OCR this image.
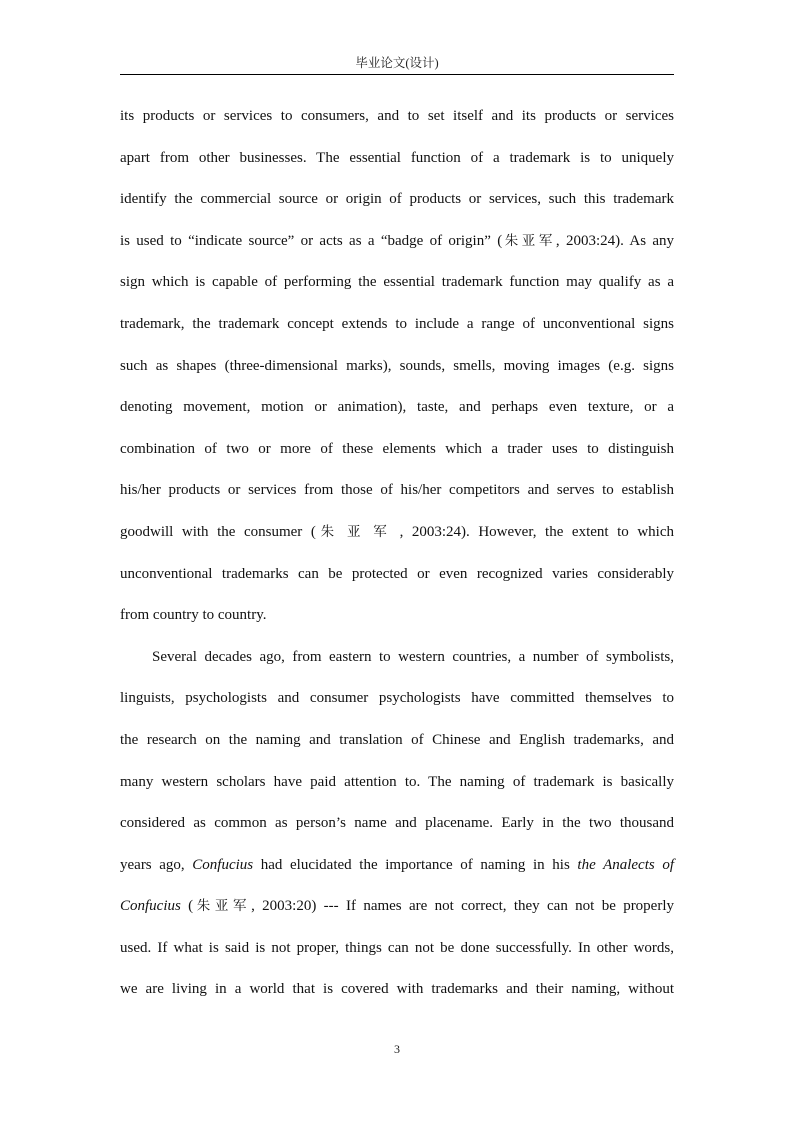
毕业论文(设计)
its products or services to consumers, and to set itself and its products or services
apart from other businesses. The essential function of a trademark is to uniquely
identify the commercial source or origin of products or services, such this trademark
is used to “indicate source” or acts as a “badge of origin” (朱亚军, 2003:24). As any
sign which is capable of performing the essential trademark function may qualify as a
trademark, the trademark concept extends to include a range of unconventional signs
such as shapes (three-dimensional marks), sounds, smells, moving images (e.g. signs
denoting movement, motion or animation), taste, and perhaps even texture, or a
combination of two or more of these elements which a trader uses to distinguish
his/her products or services from those of his/her competitors and serves to establish
goodwill with the consumer (朱亚军, 2003:24). However, the extent to which
unconventional trademarks can be protected or even recognized varies considerably
from country to country.
Several decades ago, from eastern to western countries, a number of symbolists,
linguists, psychologists and consumer psychologists have committed themselves to
the research on the naming and translation of Chinese and English trademarks, and
many western scholars have paid attention to. The naming of trademark is basically
considered as common as person’s name and placename. Early in the two thousand
years ago, Confucius had elucidated the importance of naming in his the Analects of
Confucius (朱亚军, 2003:20) --- If names are not correct, they can not be properly
used. If what is said is not proper, things can not be done successfully. In other words,
we are living in a world that is covered with trademarks and their naming, without
3
